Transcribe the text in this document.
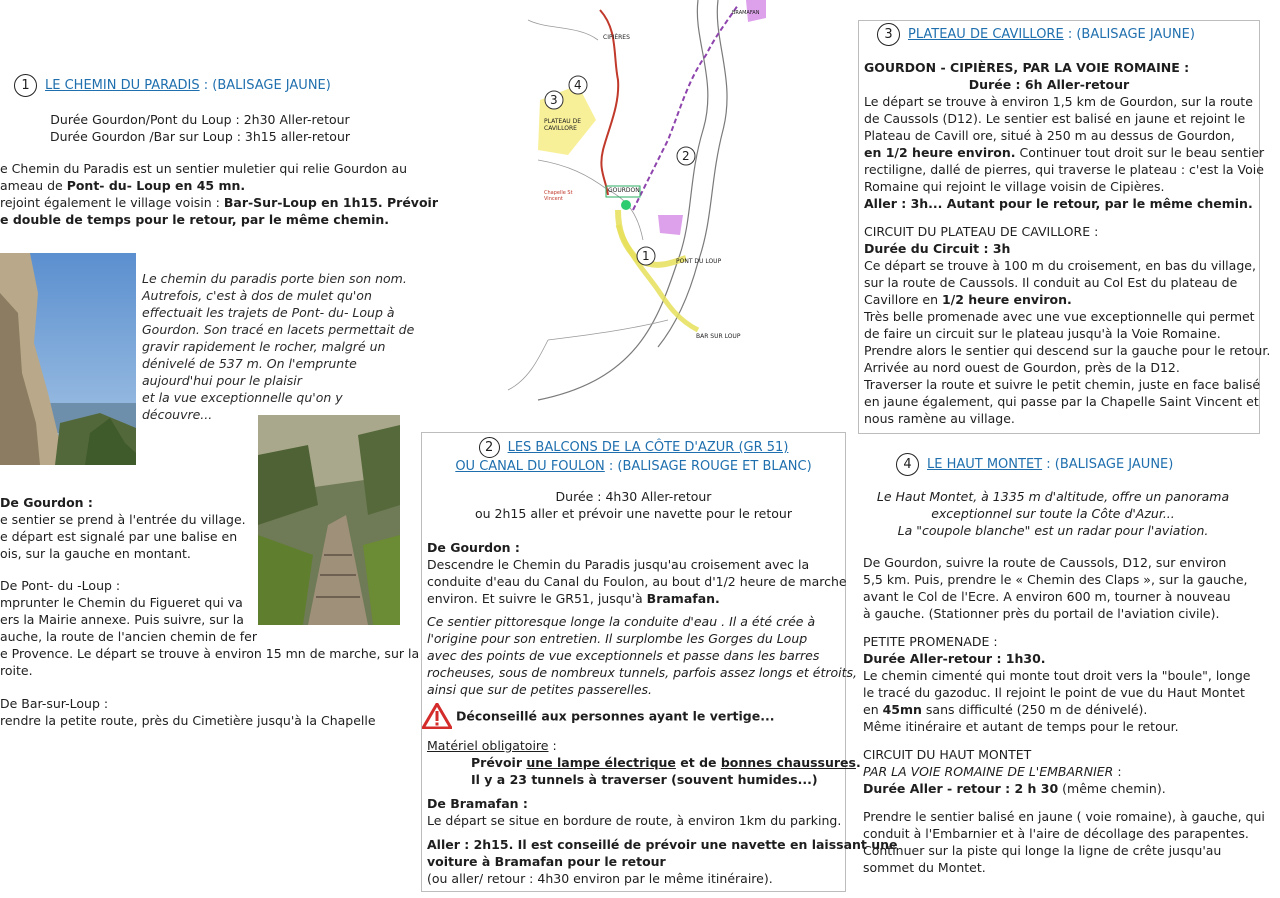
1 LE CHEMIN DU PARADIS : (BALISAGE JAUNE)
Durée Gourdon/Pont du Loup : 2h30 Aller-retour
Durée Gourdon /Bar sur Loup : 3h15 aller-retour
e Chemin du Paradis est un sentier muletier qui relie Gourdon au
ameau de Pont- du- Loup en 45 mn.
rejoint également le village voisin : Bar-Sur-Loup en 1h15. Prévoir
e double de temps pour le retour, par le même chemin.
Le chemin du paradis porte bien son nom.
Autrefois, c'est à dos de mulet qu'on
effectuait les trajets de Pont- du- Loup à
Gourdon. Son tracé en lacets permettait de
gravir rapidement le rocher, malgré un
dénivelé de 537 m. On l'emprunte
aujourd'hui pour le plaisir
et la vue exceptionnelle qu'on y
découvre...
De Gourdon :
e sentier se prend à l'entrée du village.
e départ est signalé par une balise en
ois, sur la gauche en montant.
De Pont- du -Loup :
mprunter le Chemin du Figueret qui va
ers la Mairie annexe. Puis suivre, sur la
auche, la route de l'ancien chemin de fer
e Provence. Le départ se trouve à environ 15 mn de marche, sur la
roite.
De Bar-sur-Loup :
rendre la petite route, près du Cimetière jusqu'à la Chapelle
3
4
2
1
PLATEAU DE CAVILLORE
GOURDON
PONT DU LOUP
BAR SUR LOUP
CIPIÈRES
BRAMAFAN
Chapelle St Vincent
2 LES BALCONS DE LA CÔTE D'AZUR (GR 51)
OU CANAL DU FOULON : (BALISAGE ROUGE ET BLANC)
Durée : 4h30 Aller-retour
ou 2h15 aller et prévoir une navette pour le retour
De Gourdon :
Descendre le Chemin du Paradis jusqu'au croisement avec la
conduite d'eau du Canal du Foulon, au bout d'1/2 heure de marche
environ. Et suivre le GR51, jusqu'à Bramafan.
Ce sentier pittoresque longe la conduite d'eau . Il a été crée à
l'origine pour son entretien. Il surplombe les Gorges du Loup
avec des points de vue exceptionnels et passe dans les barres
rocheuses, sous de nombreux tunnels, parfois assez longs et étroits,
ainsi que sur de petites passerelles.
Déconseillé aux personnes ayant le vertige...
Matériel obligatoire :
Prévoir une lampe électrique et de bonnes chaussures.
Il y a 23 tunnels à traverser (souvent humides...)
De Bramafan :
Le départ se situe en bordure de route, à environ 1km du parking.
Aller : 2h15. Il est conseillé de prévoir une navette en laissant une
voiture à Bramafan pour le retour
(ou aller/ retour : 4h30 environ par le même itinéraire).
3 PLATEAU DE CAVILLORE : (BALISAGE JAUNE)
GOURDON - CIPIÈRES, PAR LA VOIE ROMAINE :
Durée : 6h Aller-retour
Le départ se trouve à environ 1,5 km de Gourdon, sur la route
de Caussols (D12). Le sentier est balisé en jaune et rejoint le
Plateau de Cavill ore, situé à 250 m au dessus de Gourdon,
en 1/2 heure environ. Continuer tout droit sur le beau sentier
rectiligne, dallé de pierres, qui traverse le plateau : c'est la Voie
Romaine qui rejoint le village voisin de Cipières.
Aller : 3h... Autant pour le retour, par le même chemin.
CIRCUIT DU PLATEAU DE CAVILLORE :
Durée du Circuit : 3h
Ce départ se trouve à 100 m du croisement, en bas du village,
sur la route de Caussols. Il conduit au Col Est du plateau de
Cavillore en 1/2 heure environ.
Très belle promenade avec une vue exceptionnelle qui permet
de faire un circuit sur le plateau jusqu'à la Voie Romaine.
Prendre alors le sentier qui descend sur la gauche pour le retour.
Arrivée au nord ouest de Gourdon, près de la D12.
Traverser la route et suivre le petit chemin, juste en face balisé
en jaune également, qui passe par la Chapelle Saint Vincent et
nous ramène au village.
4 LE HAUT MONTET : (BALISAGE JAUNE)
Le Haut Montet, à 1335 m d'altitude, offre un panorama
exceptionnel sur toute la Côte d'Azur...
La "coupole blanche" est un radar pour l'aviation.
De Gourdon, suivre la route de Caussols, D12, sur environ
5,5 km. Puis, prendre le « Chemin des Claps », sur la gauche,
avant le Col de l'Ecre. A environ 600 m, tourner à nouveau
à gauche. (Stationner près du portail de l'aviation civile).
PETITE PROMENADE :
Durée Aller-retour : 1h30.
Le chemin cimenté qui monte tout droit vers la "boule", longe
le tracé du gazoduc. Il rejoint le point de vue du Haut Montet
en 45mn sans difficulté (250 m de dénivelé).
Même itinéraire et autant de temps pour le retour.
CIRCUIT DU HAUT MONTET
PAR LA VOIE ROMAINE DE L'EMBARNIER :
Durée Aller - retour : 2 h 30 (même chemin).
Prendre le sentier balisé en jaune ( voie romaine), à gauche, qui
conduit à l'Embarnier et à l'aire de décollage des parapentes.
Continuer sur la piste qui longe la ligne de crête jusqu'au
sommet du Montet.
